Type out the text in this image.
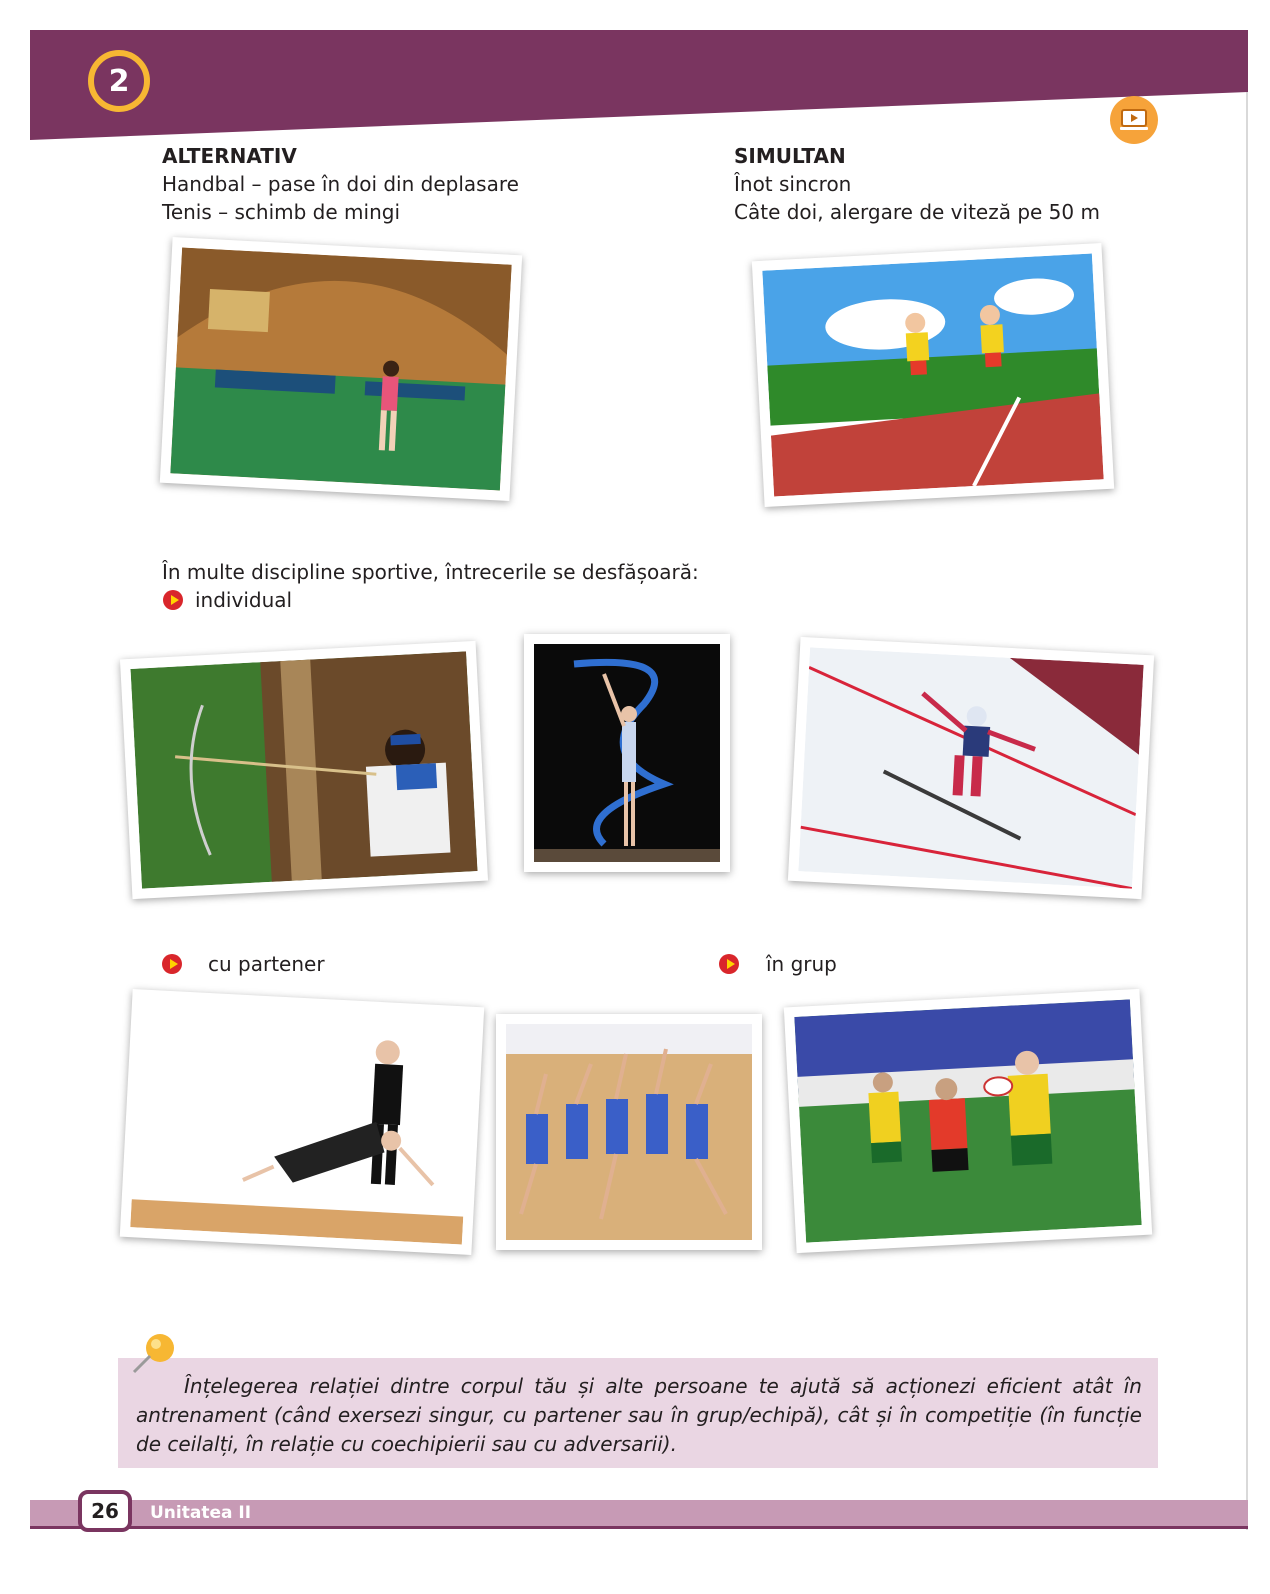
2
ALTERNATIV
Handbal – pase în doi din deplasare
Tenis – schimb de mingi
SIMULTAN
Înot sincron
Câte doi, alergare de viteză pe 50 m
În multe discipline sportive, întrecerile se desfășoară:
individual
cu partener	în grup
Înțelegerea relației dintre corpul tău și alte persoane te ajută să acționezi eficient atât în antrenament (când exersezi singur, cu partener sau în grup/echipă), cât și în competiție (în funcție de ceilalți, în relație cu coechipierii sau cu adversarii).
Unitatea II
26
